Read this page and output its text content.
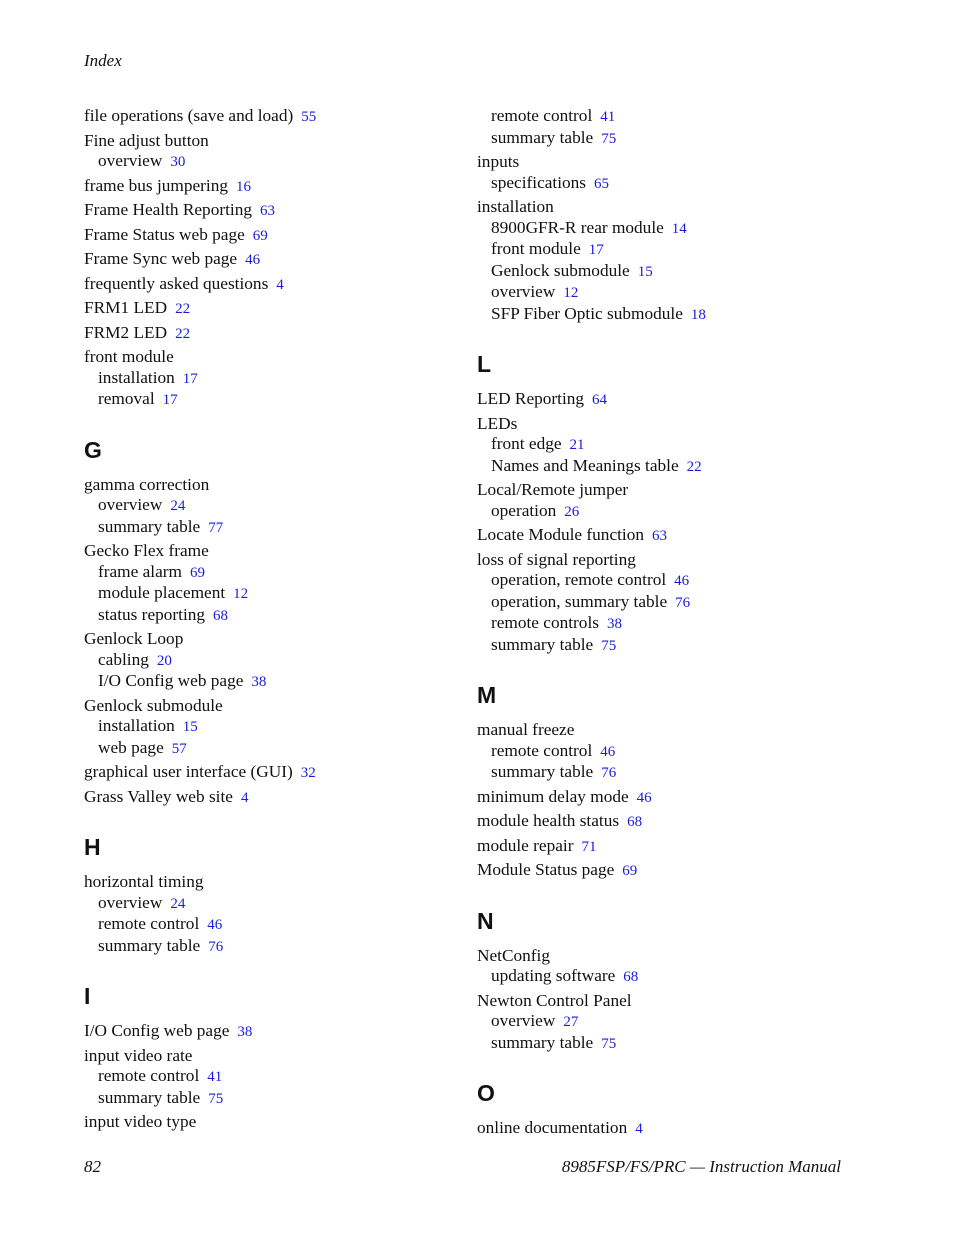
Index
file operations (save and load) 55
Fine adjust button
overview 30
frame bus jumpering 16
Frame Health Reporting 63
Frame Status web page 69
Frame Sync web page 46
frequently asked questions 4
FRM1 LED 22
FRM2 LED 22
front module
installation 17
removal 17
G
gamma correction
overview 24
summary table 77
Gecko Flex frame
frame alarm 69
module placement 12
status reporting 68
Genlock Loop
cabling 20
I/O Config web page 38
Genlock submodule
installation 15
web page 57
graphical user interface (GUI) 32
Grass Valley web site 4
H
horizontal timing
overview 24
remote control 46
summary table 76
I
I/O Config web page 38
input video rate
remote control 41
summary table 75
input video type
remote control 41
summary table 75
inputs
specifications 65
installation
8900GFR-R rear module 14
front module 17
Genlock submodule 15
overview 12
SFP Fiber Optic submodule 18
L
LED Reporting 64
LEDs
front edge 21
Names and Meanings table 22
Local/Remote jumper
operation 26
Locate Module function 63
loss of signal reporting
operation, remote control 46
operation, summary table 76
remote controls 38
summary table 75
M
manual freeze
remote control 46
summary table 76
minimum delay mode 46
module health status 68
module repair 71
Module Status page 69
N
NetConfig
updating software 68
Newton Control Panel
overview 27
summary table 75
O
online documentation 4
82	8985FSP/FS/PRC — Instruction Manual
